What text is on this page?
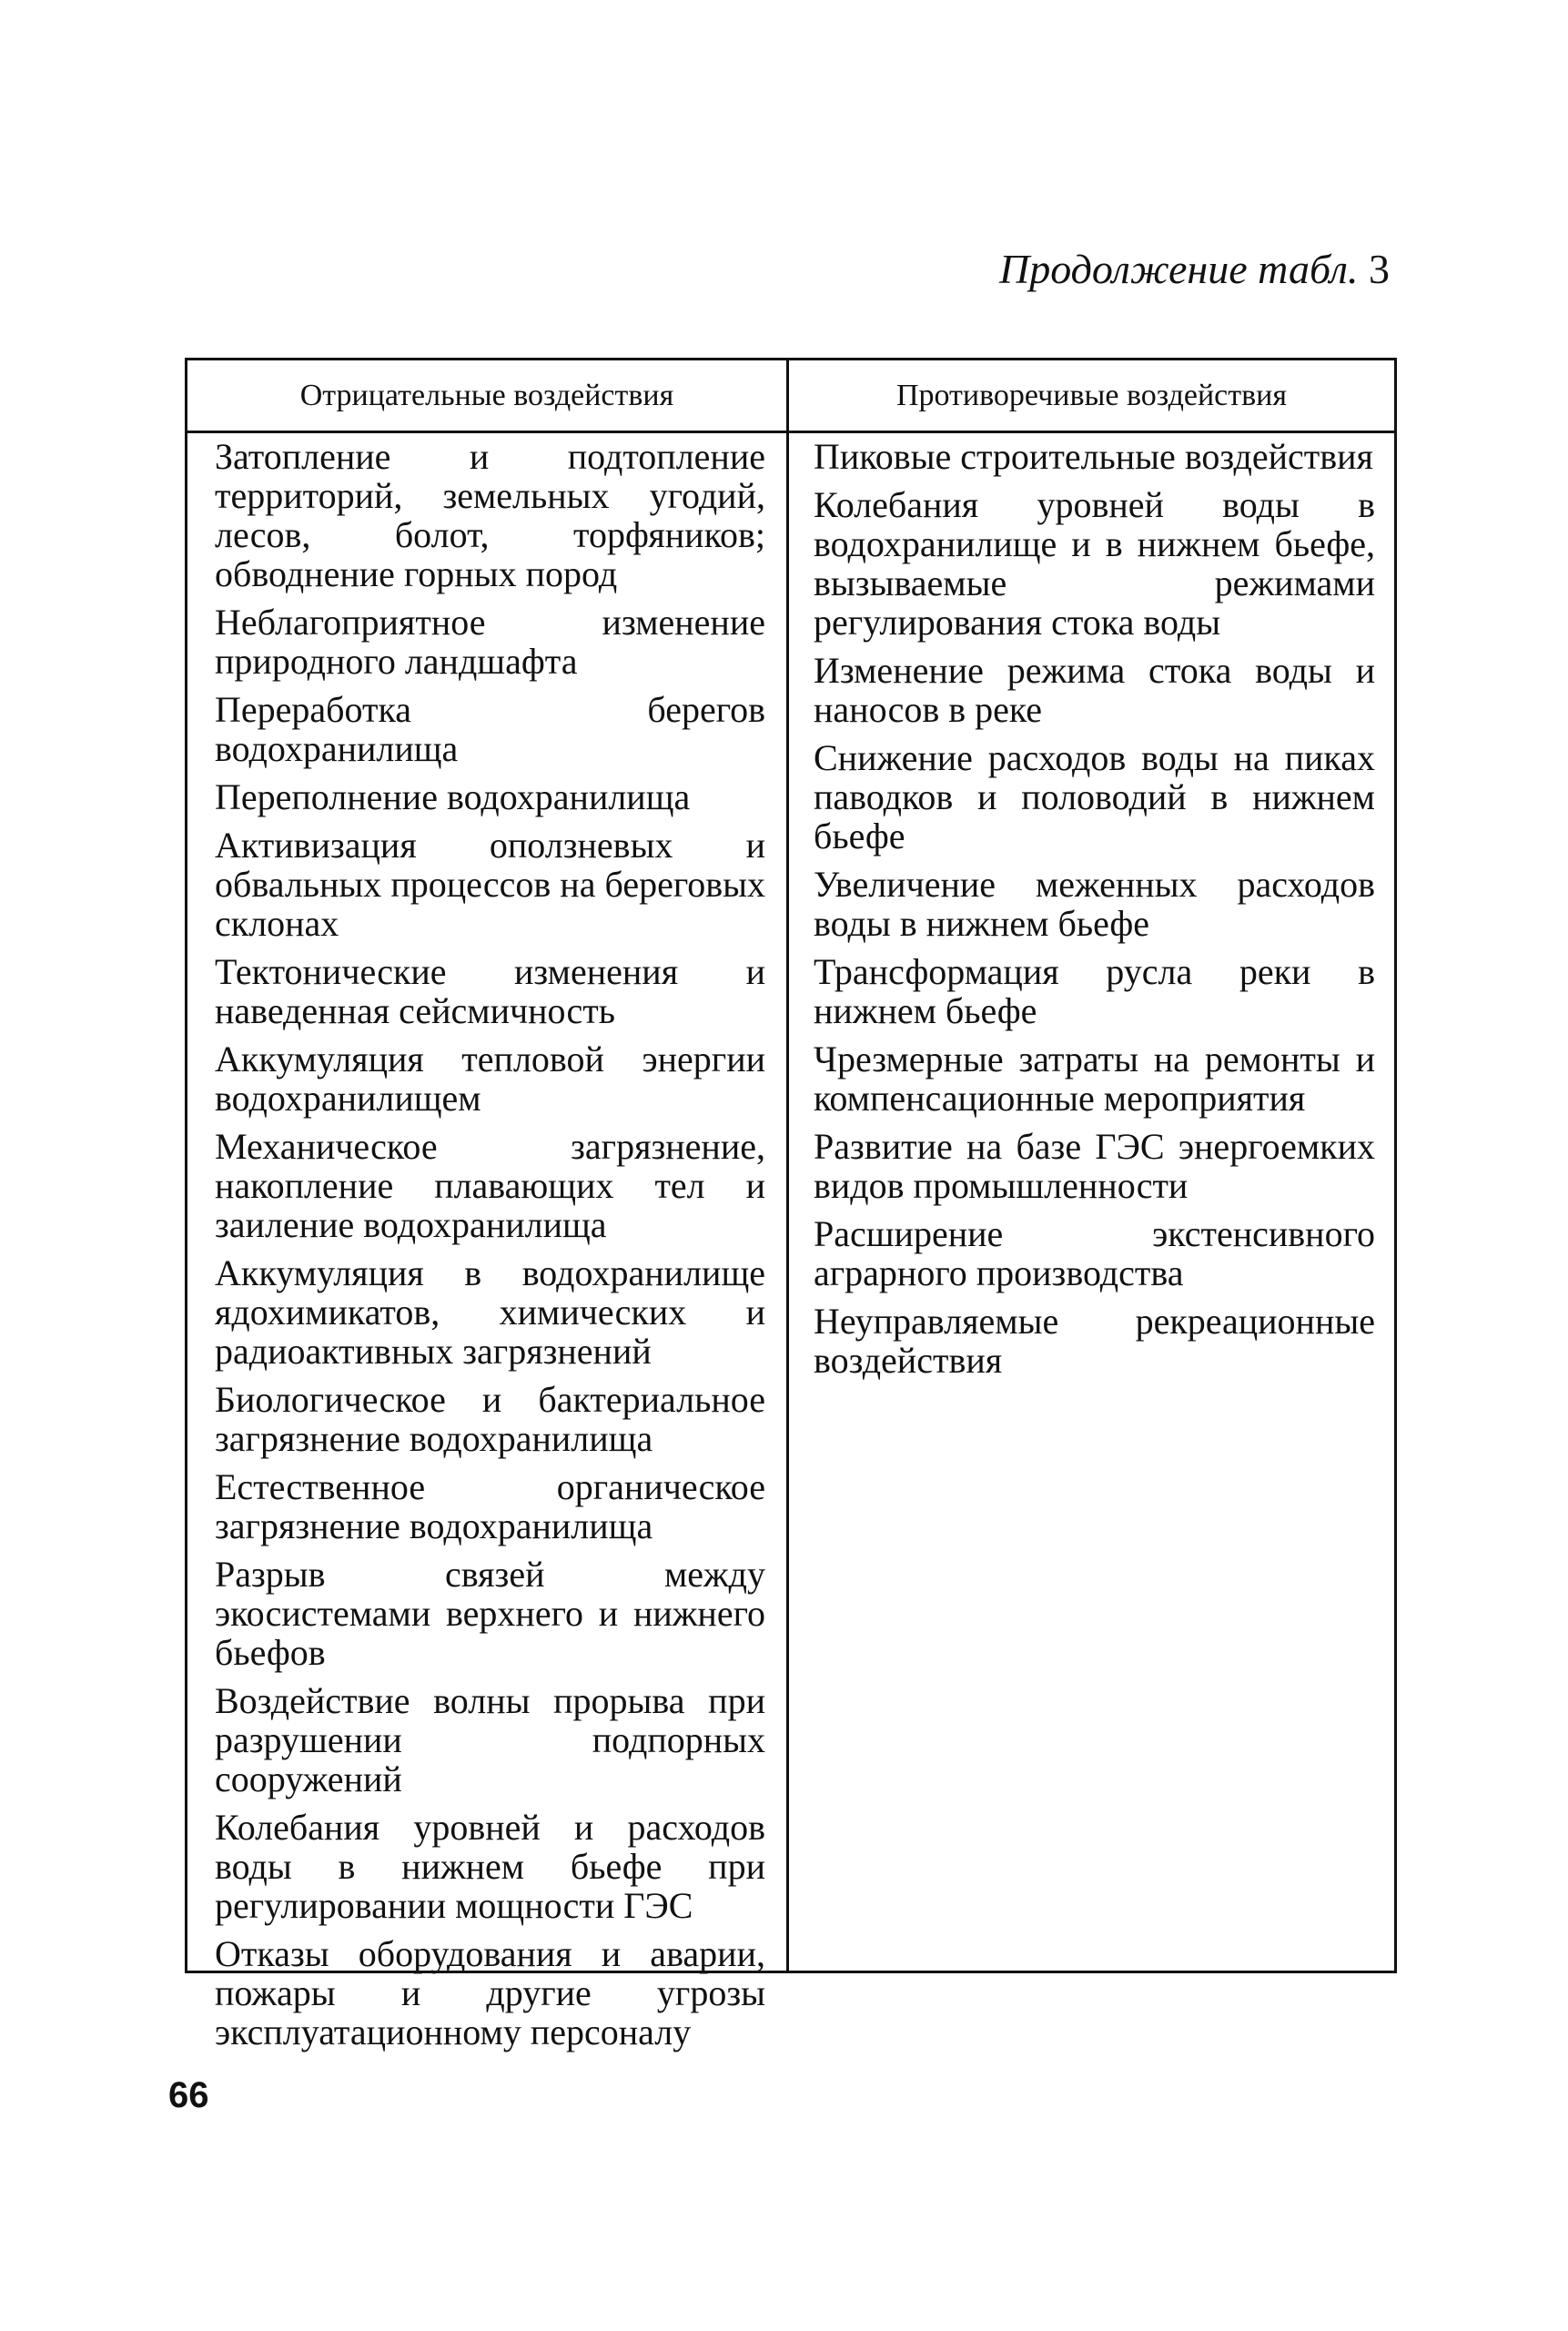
Продолжение табл. 3
Отрицательные воздействия	Противоречивые воздействия

Затопление и подтопление территорий, земельных угодий, лесов, болот, торфяников; обводнение горных пород

Неблагоприятное изменение природного ландшафта

Переработка берегов водохранилища

Переполнение водохранилища

Активизация оползневых и обвальных процессов на береговых склонах

Тектонические изменения и наведенная сейсмичность

Аккумуляция тепловой энергии водохранилищем

Механическое загрязнение, накопление плавающих тел и заиление водохранилища

Аккумуляция в водохранилище ядохимикатов, химических и радиоактивных загрязнений

Биологическое и бактериальное загрязнение водохранилища

Естественное органическое загрязнение водохранилища

Разрыв связей между экосистемами верхнего и нижнего бьефов

Воздействие волны прорыва при разрушении подпорных сооружений

Колебания уровней и расходов воды в нижнем бьефе при регулировании мощности ГЭС

Отказы оборудования и аварии, пожары и другие угрозы эксплуатационному персоналу

Пиковые строительные воздействия

Колебания уровней воды в водохранилище и в нижнем бьефе, вызываемые режимами регулирования стока воды

Изменение режима стока воды и наносов в реке

Снижение расходов воды на пиках паводков и половодий в нижнем бьефе

Увеличение меженных расходов воды в нижнем бьефе

Трансформация русла реки в нижнем бьефе

Чрезмерные затраты на ремонты и компенсационные мероприятия

Развитие на базе ГЭС энергоемких видов промышленности

Расширение экстенсивного аграрного производства

Неуправляемые рекреационные воздействия

66
